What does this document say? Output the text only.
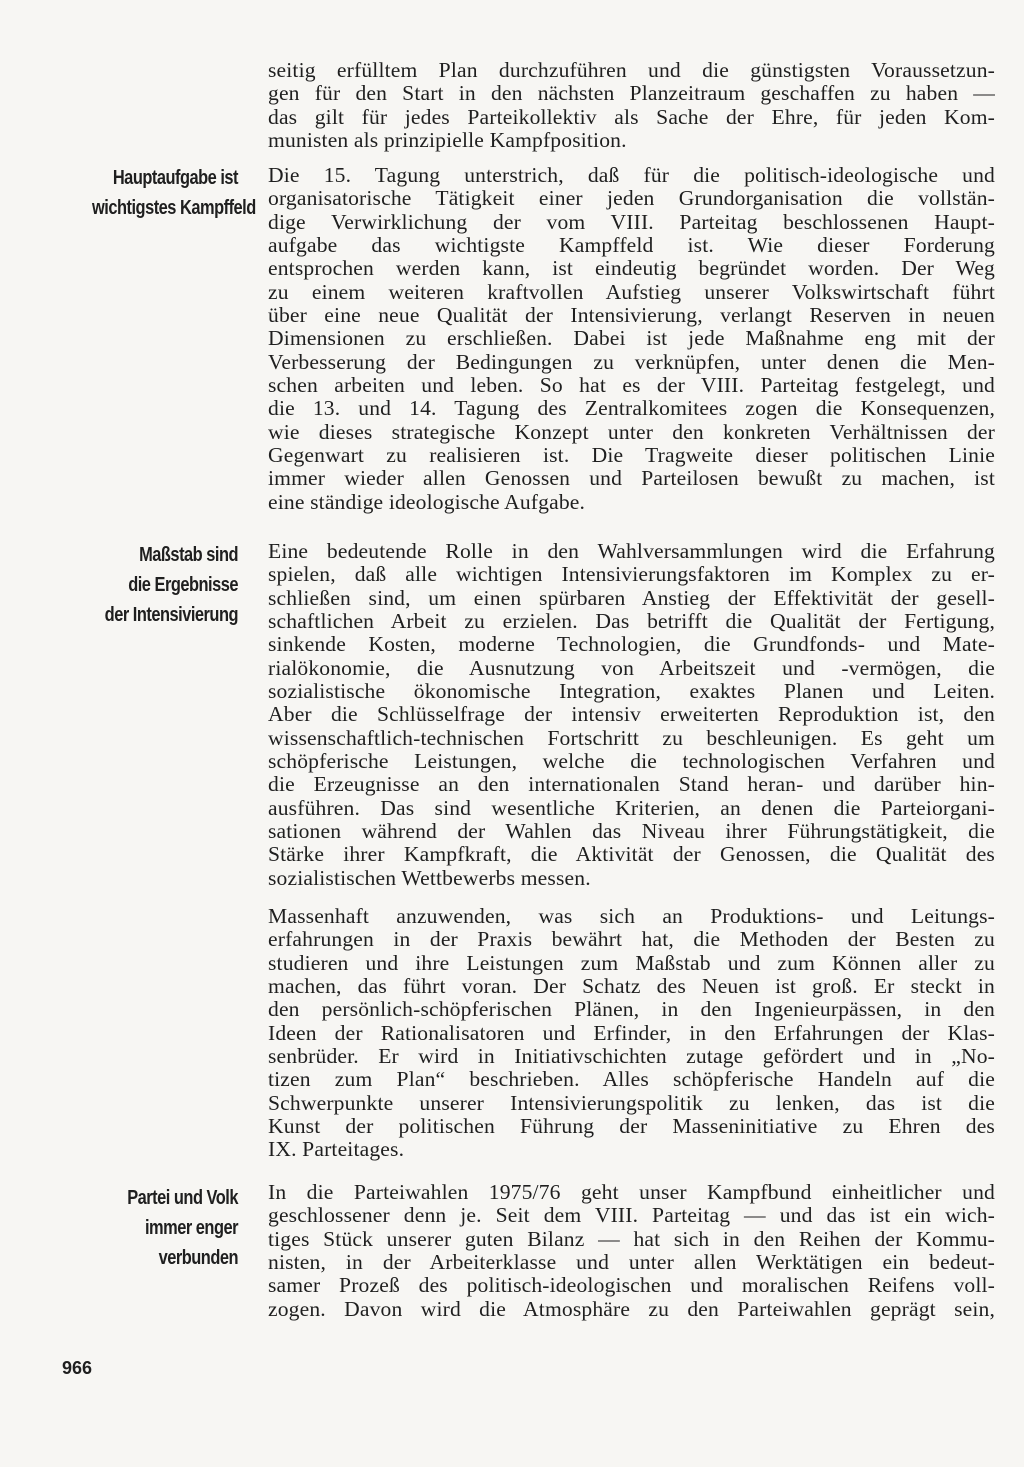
Hauptaufgabe ist
wichtigstes Kampffeld
Maßstab sind
die Ergebnisse
der Intensivierung
Partei und Volk
immer enger
verbunden
seitig erfülltem Plan durchzuführen und die günstigsten Voraussetzun-
gen für den Start in den nächsten Planzeitraum geschaffen zu haben —
das gilt für jedes Parteikollektiv als Sache der Ehre, für jeden Kom-
munisten als prinzipielle Kampfposition.
Die 15. Tagung unterstrich, daß für die politisch-ideologische und
organisatorische Tätigkeit einer jeden Grundorganisation die vollstän-
dige Verwirklichung der vom VIII. Parteitag beschlossenen Haupt-
aufgabe das wichtigste Kampffeld ist. Wie dieser Forderung
entsprochen werden kann, ist eindeutig begründet worden. Der Weg
zu einem weiteren kraftvollen Aufstieg unserer Volkswirtschaft führt
über eine neue Qualität der Intensivierung, verlangt Reserven in neuen
Dimensionen zu erschließen. Dabei ist jede Maßnahme eng mit der
Verbesserung der Bedingungen zu verknüpfen, unter denen die Men-
schen arbeiten und leben. So hat es der VIII. Parteitag festgelegt, und
die 13. und 14. Tagung des Zentralkomitees zogen die Konsequenzen,
wie dieses strategische Konzept unter den konkreten Verhältnissen der
Gegenwart zu realisieren ist. Die Tragweite dieser politischen Linie
immer wieder allen Genossen und Parteilosen bewußt zu machen, ist
eine ständige ideologische Aufgabe.
Eine bedeutende Rolle in den Wahlversammlungen wird die Erfahrung
spielen, daß alle wichtigen Intensivierungsfaktoren im Komplex zu er-
schließen sind, um einen spürbaren Anstieg der Effektivität der gesell-
schaftlichen Arbeit zu erzielen. Das betrifft die Qualität der Fertigung,
sinkende Kosten, moderne Technologien, die Grundfonds- und Mate-
rialökonomie, die Ausnutzung von Arbeitszeit und -vermögen, die
sozialistische ökonomische Integration, exaktes Planen und Leiten.
Aber die Schlüsselfrage der intensiv erweiterten Reproduktion ist, den
wissenschaftlich-technischen Fortschritt zu beschleunigen. Es geht um
schöpferische Leistungen, welche die technologischen Verfahren und
die Erzeugnisse an den internationalen Stand heran- und darüber hin-
ausführen. Das sind wesentliche Kriterien, an denen die Parteiorgani-
sationen während der Wahlen das Niveau ihrer Führungstätigkeit, die
Stärke ihrer Kampfkraft, die Aktivität der Genossen, die Qualität des
sozialistischen Wettbewerbs messen.
Massenhaft anzuwenden, was sich an Produktions- und Leitungs-
erfahrungen in der Praxis bewährt hat, die Methoden der Besten zu
studieren und ihre Leistungen zum Maßstab und zum Können aller zu
machen, das führt voran. Der Schatz des Neuen ist groß. Er steckt in
den persönlich-schöpferischen Plänen, in den Ingenieurpässen, in den
Ideen der Rationalisatoren und Erfinder, in den Erfahrungen der Klas-
senbrüder. Er wird in Initiativschichten zutage gefördert und in „No-
tizen zum Plan“ beschrieben. Alles schöpferische Handeln auf die
Schwerpunkte unserer Intensivierungspolitik zu lenken, das ist die
Kunst der politischen Führung der Masseninitiative zu Ehren des
IX. Parteitages.
In die Parteiwahlen 1975/76 geht unser Kampfbund einheitlicher und
geschlossener denn je. Seit dem VIII. Parteitag — und das ist ein wich-
tiges Stück unserer guten Bilanz — hat sich in den Reihen der Kommu-
nisten, in der Arbeiterklasse und unter allen Werktätigen ein bedeut-
samer Prozeß des politisch-ideologischen und moralischen Reifens voll-
zogen. Davon wird die Atmosphäre zu den Parteiwahlen geprägt sein,
966
